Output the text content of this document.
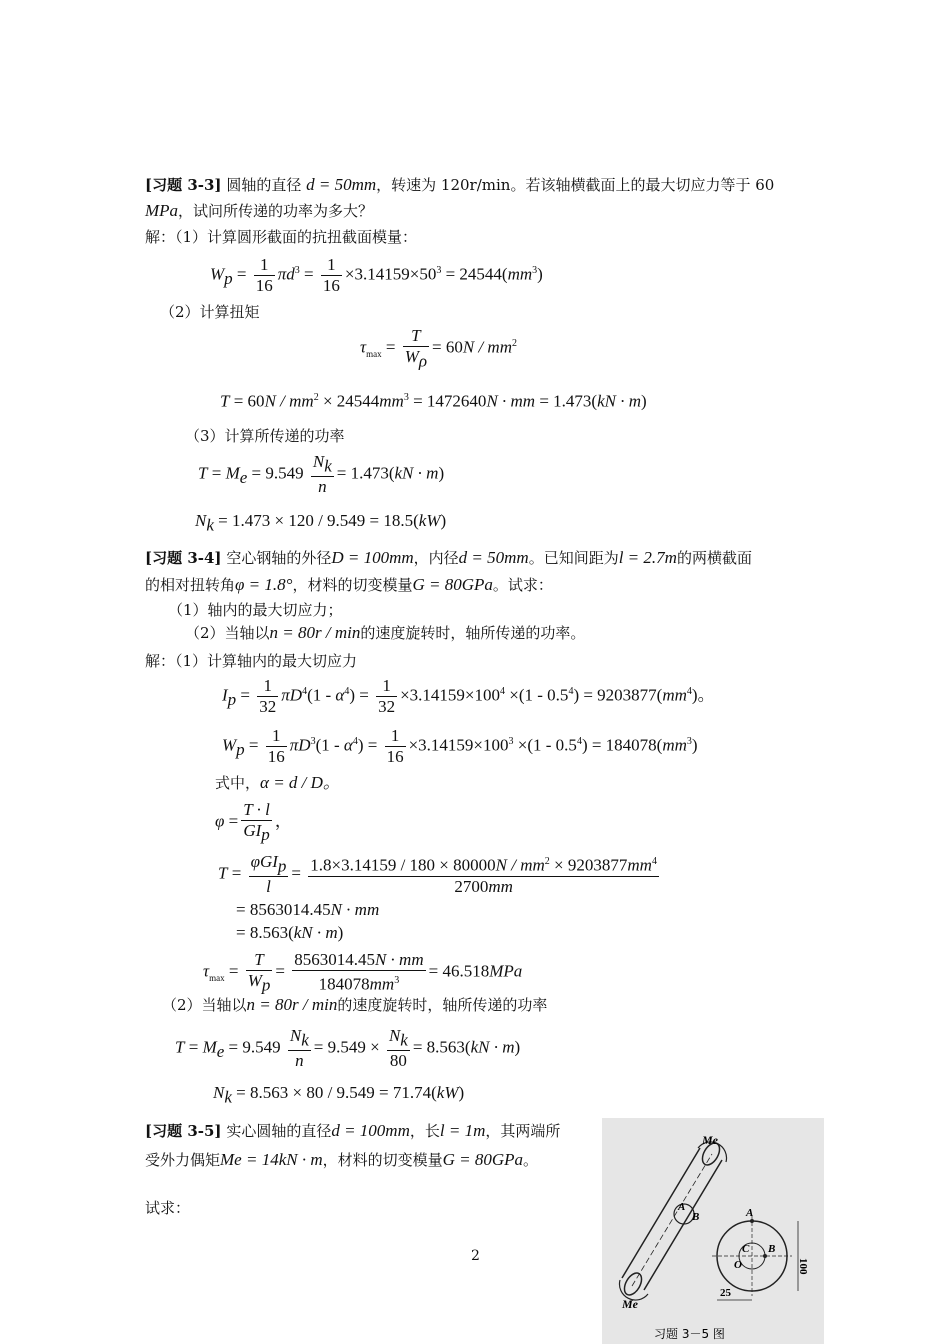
[习题 3-3] 圆轴的直径 d = 50mm，转速为 120r/min。若该轴横截面上的最大切应力等于 60
MPa，试问所传递的功率为多大？
解：（1）计算圆形截面的抗扭截面模量：
$W_p = \frac{1}{16} \pi d^3 = \frac{1}{16} \times 3.14159\times 50^3 = 24544(mm^3)$
（2）计算扭矩
$\tau_{max} = \frac{T}{W_\rho} = 60N / mm^2$
$T = 60N / mm^2 \times 24544mm^3 = 1472640N$ · mm = 1.473(kN · m)
（3）计算所传递的功率
$T = M_e = 9.549 \frac{N_k}{n} = 1.473(kN \cdot m)$
$N_k = 1.473 \times 120 / 9.549 = 18.5(kW)$
[习题 3-4] 空心钢轴的外径D = 100mm，内径d = 50mm。已知间距为l = 2.7m的两横截面
的相对扭转角φ = 1.8°，材料的切变模量G = 80GPa。试求：
（1）轴内的最大切应力；
（2）当轴以n = 80r / min的速度旋转时，轴所传递的功率。
解：（1）计算轴内的最大切应力
$I_p = \frac{1}{32} \pi D^4(1 - \alpha^4) = \frac{1}{32} \times 3.14159\times 100^4 \times(1 - 0.5^4) = 9203877(mm^4)$。
$W_p = \frac{1}{16} \pi D^3(1 - \alpha^4) = \frac{1}{16} \times 3.14159\times 100^3 \times(1 - 0.5^4) = 184078(mm^3)$
式中，α = d / D。
$\varphi = \frac{T \cdot l}{GI_p}$ ，
$T = \frac{\varphi GI_p}{l} = \frac{1.8\times 3.14159 / 180 \times 80000N / mm^2 \times 9203877mm^4}{2700mm}$
= 8563014.45N · mm
= 8.563(kN · m)
$\tau_{max} = \frac{T}{W_p} = \frac{8563014.45N \cdot mm}{184078mm^3} = 46.518MPa$
（2）当轴以n = 80r / min的速度旋转时，轴所传递的功率
$T = M_e = 9.549 \frac{N_k}{n} = 9.549 \times \frac{N_k}{80} = 8.563(kN \cdot m)$
$N_k = 8.563 \times 80 / 9.549 = 71.74(kW)$
[习题 3-5] 实心圆轴的直径d = 100mm，长l = 1m，其两端所
受外力偶矩Me = 14kN · m，材料的切变模量G = 80GPa。
试求：
2
Me
Me
A
B	A
B
C
O	100
25
习题 3－5 图
